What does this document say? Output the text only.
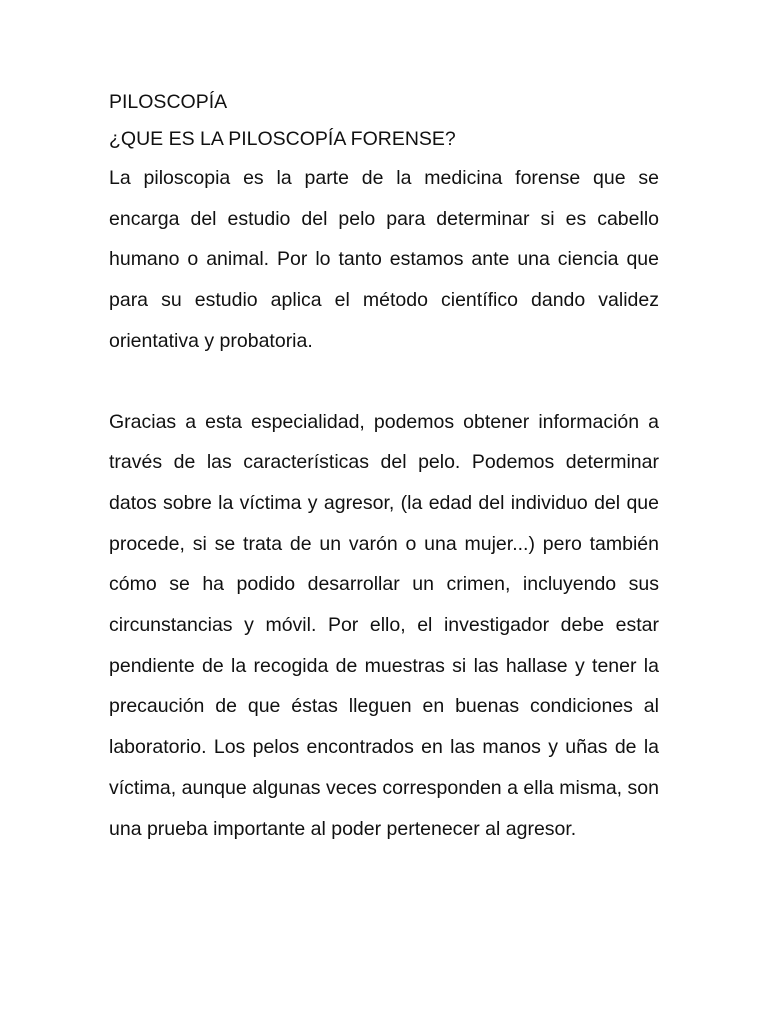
PILOSCOPÍA

¿QUE ES LA PILOSCOPÍA FORENSE?

La piloscopia es la parte de la medicina forense que se encarga del estudio del pelo para determinar si es cabello humano o animal. Por lo tanto estamos ante una ciencia que para su estudio aplica el método científico dando validez orientativa y probatoria.

Gracias a esta especialidad, podemos obtener información a través de las características del pelo. Podemos determinar datos sobre la víctima y agresor, (la edad del individuo del que procede, si se trata de un varón o una mujer...) pero también cómo se ha podido desarrollar un crimen, incluyendo sus circunstancias y móvil. Por ello, el investigador debe estar pendiente de la recogida de muestras si las hallase y tener la precaución de que éstas lleguen en buenas condiciones al laboratorio. Los pelos encontrados en las manos y uñas de la víctima, aunque algunas veces corresponden a ella misma, son una prueba importante al poder pertenecer al agresor.
